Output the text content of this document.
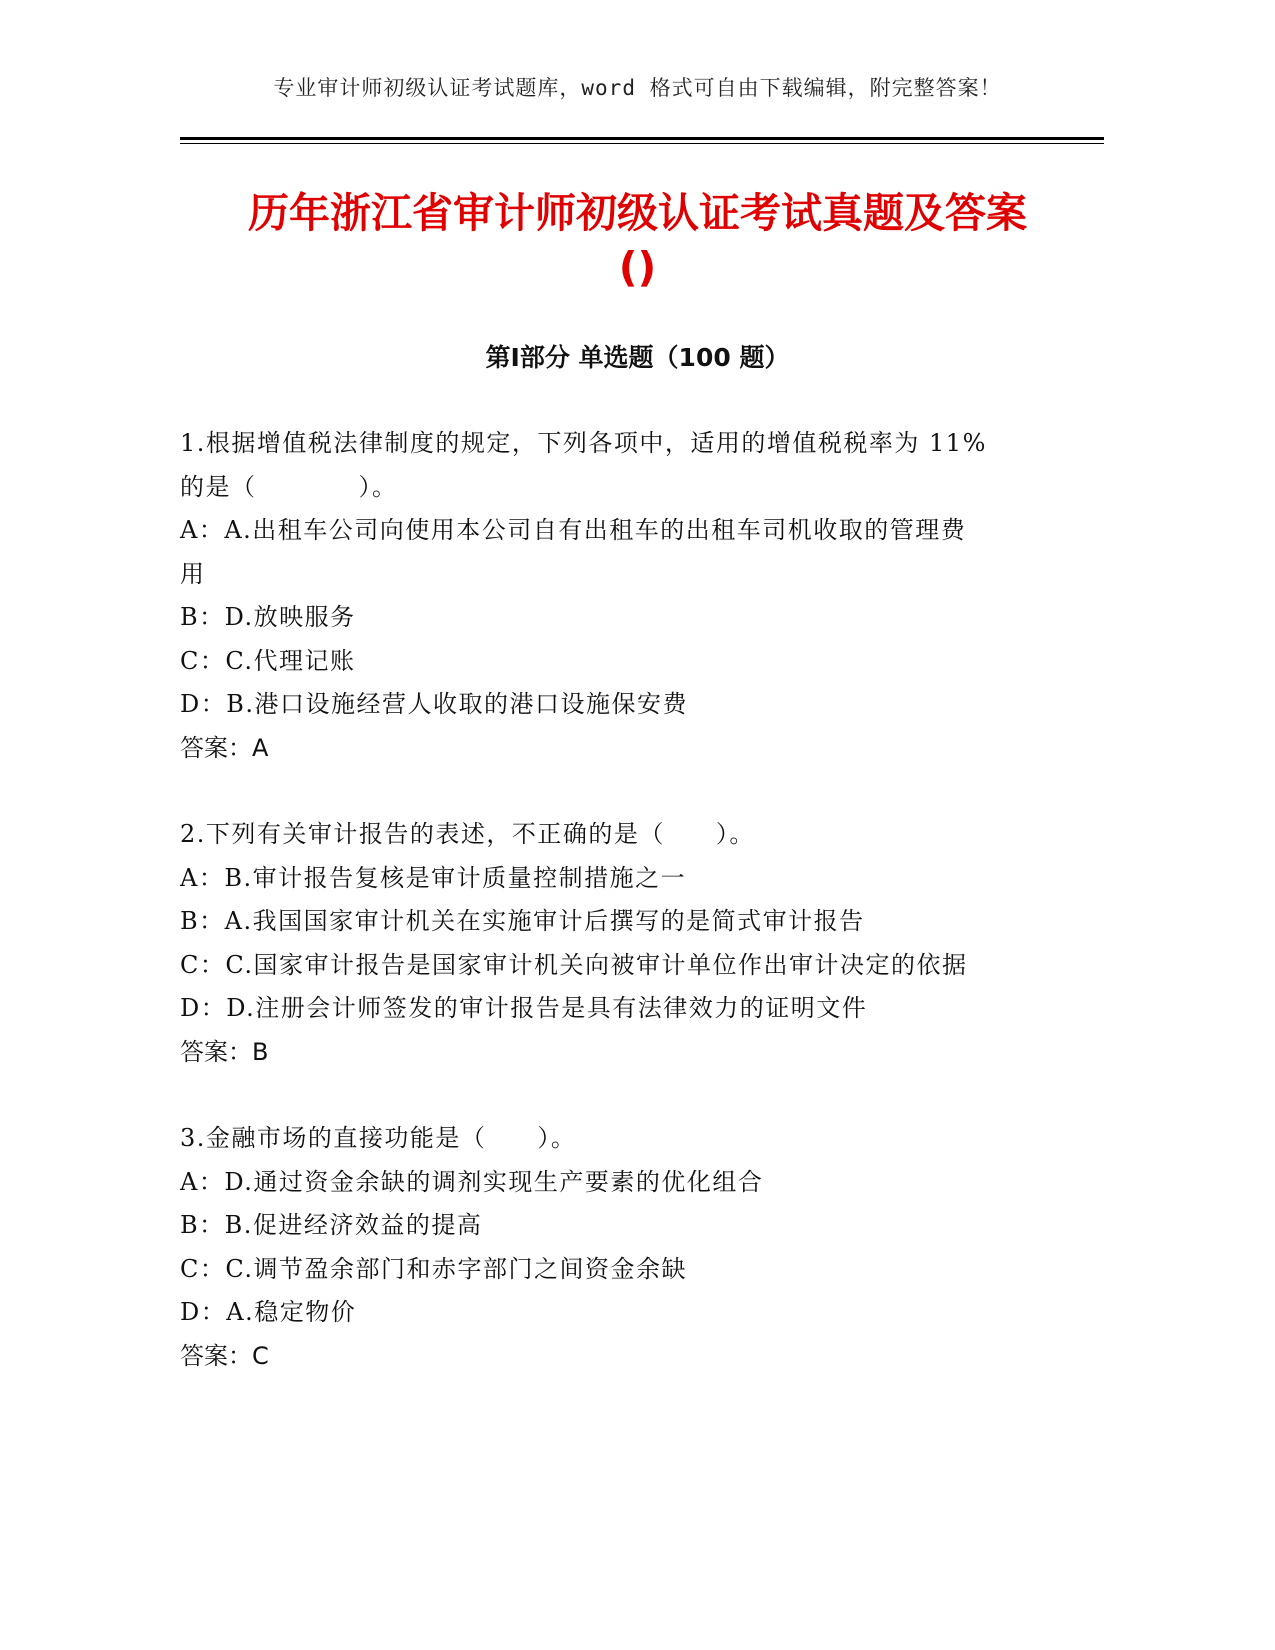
专业审计师初级认证考试题库，word 格式可自由下载编辑，附完整答案！
历年浙江省审计师初级认证考试真题及答案
()
第Ⅰ部分 单选题（100 题）
1.根据增值税法律制度的规定，下列各项中，适用的增值税税率为 11%
的是（　　　　）。
A：A.出租车公司向使用本公司自有出租车的出租车司机收取的管理费
用
B：D.放映服务
C：C.代理记账
D：B.港口设施经营人收取的港口设施保安费
答案：A
2.下列有关审计报告的表述，不正确的是（　　）。
A：B.审计报告复核是审计质量控制措施之一
B：A.我国国家审计机关在实施审计后撰写的是简式审计报告
C：C.国家审计报告是国家审计机关向被审计单位作出审计决定的依据
D：D.注册会计师签发的审计报告是具有法律效力的证明文件
答案：B
3.金融市场的直接功能是（　　）。
A：D.通过资金余缺的调剂实现生产要素的优化组合
B：B.促进经济效益的提高
C：C.调节盈余部门和赤字部门之间资金余缺
D：A.稳定物价
答案：C
